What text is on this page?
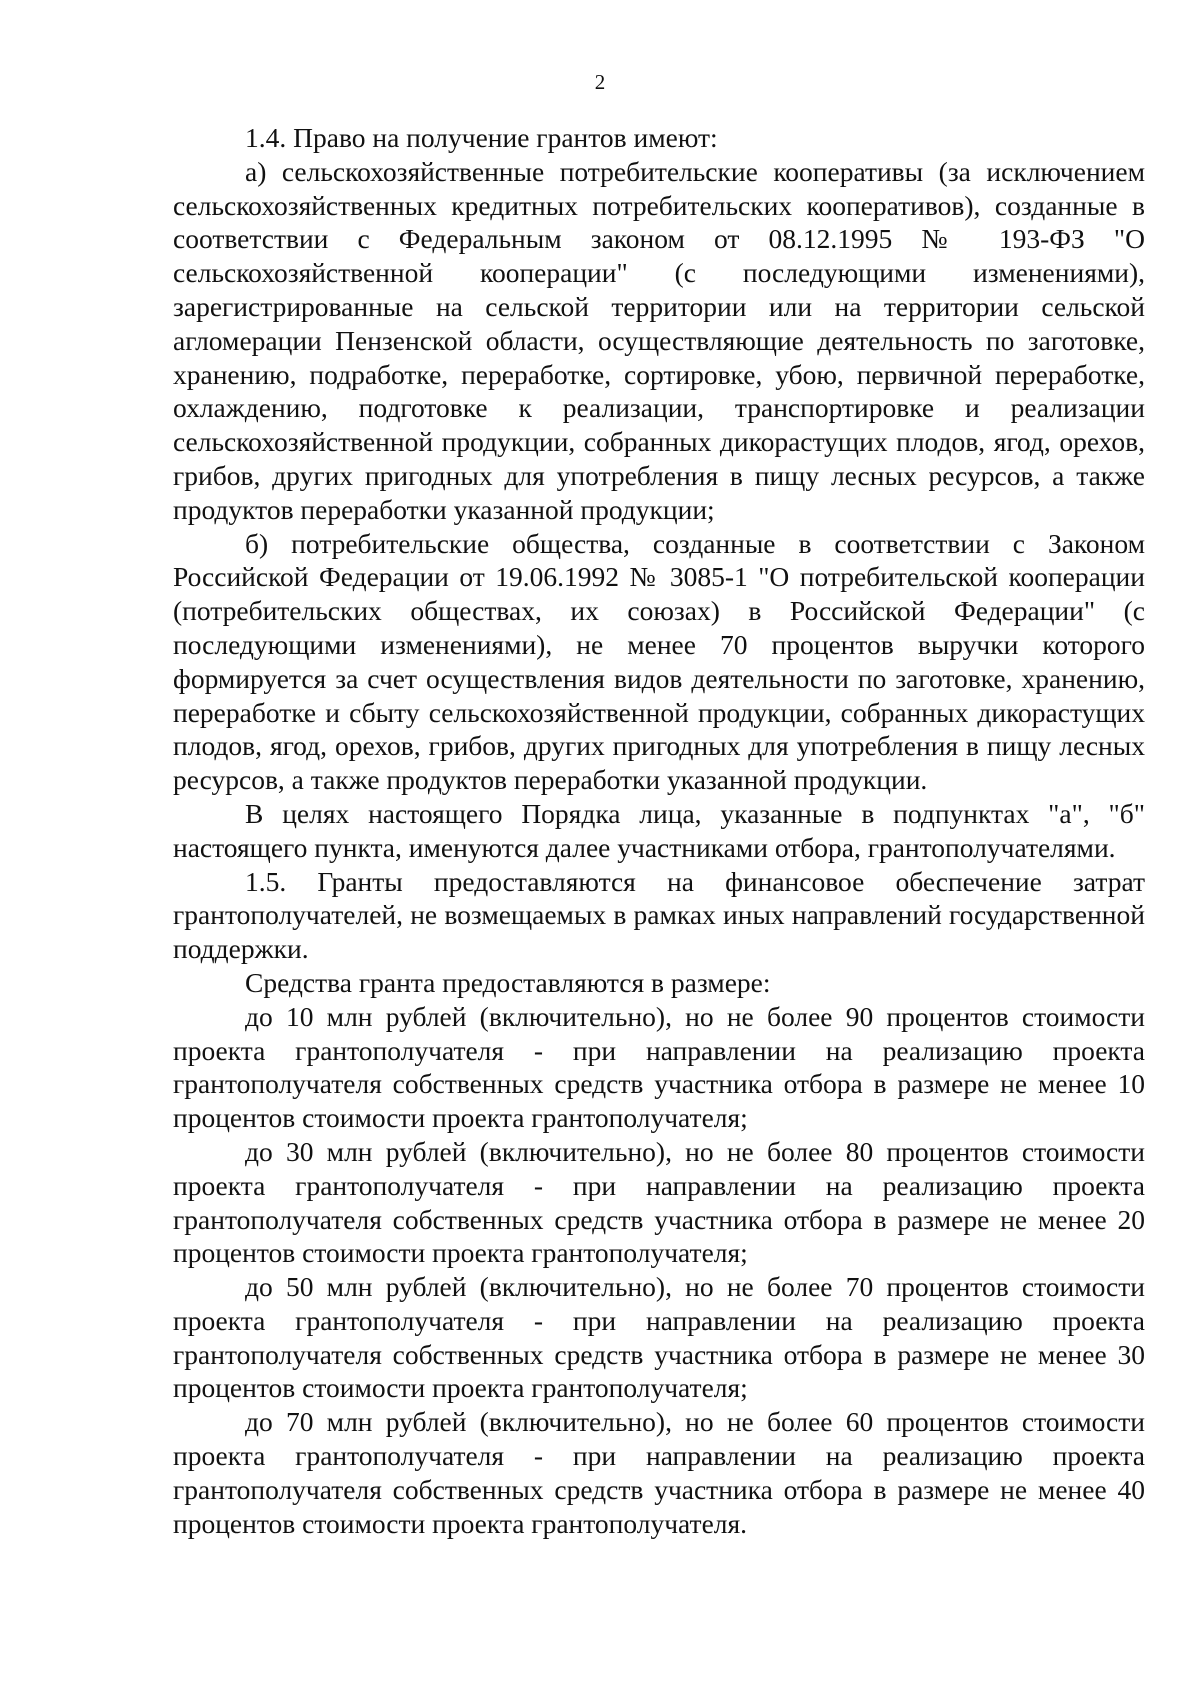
2

1.4. Право на получение грантов имеют:

а) сельскохозяйственные потребительские кооперативы (за исключением сельскохозяйственных кредитных потребительских кооперативов), созданные в соответствии с Федеральным законом от 08.12.1995 № 193-ФЗ "О сельскохозяйственной кооперации" (с последующими изменениями), зарегистрированные на сельской территории или на территории сельской агломерации Пензенской области, осуществляющие деятельность по заготовке, хранению, подработке, переработке, сортировке, убою, первичной переработке, охлаждению, подготовке к реализации, транспортировке и реализации сельскохозяйственной продукции, собранных дикорастущих плодов, ягод, орехов, грибов, других пригодных для употребления в пищу лесных ресурсов, а также продуктов переработки указанной продукции;

б) потребительские общества, созданные в соответствии с Законом Российской Федерации от 19.06.1992 № 3085-1 "О потребительской кооперации (потребительских обществах, их союзах) в Российской Федерации" (с последующими изменениями), не менее 70 процентов выручки которого формируется за счет осуществления видов деятельности по заготовке, хранению, переработке и сбыту сельскохозяйственной продукции, собранных дикорастущих плодов, ягод, орехов, грибов, других пригодных для употребления в пищу лесных ресурсов, а также продуктов переработки указанной продукции.

В целях настоящего Порядка лица, указанные в подпунктах "а", "б" настоящего пункта, именуются далее участниками отбора, грантополучателями.

1.5. Гранты предоставляются на финансовое обеспечение затрат грантополучателей, не возмещаемых в рамках иных направлений государственной поддержки.

Средства гранта предоставляются в размере:

до 10 млн рублей (включительно), но не более 90 процентов стоимости проекта грантополучателя - при направлении на реализацию проекта грантополучателя собственных средств участника отбора в размере не менее 10 процентов стоимости проекта грантополучателя;

до 30 млн рублей (включительно), но не более 80 процентов стоимости проекта грантополучателя - при направлении на реализацию проекта грантополучателя собственных средств участника отбора в размере не менее 20 процентов стоимости проекта грантополучателя;

до 50 млн рублей (включительно), но не более 70 процентов стоимости проекта грантополучателя - при направлении на реализацию проекта грантополучателя собственных средств участника отбора в размере не менее 30 процентов стоимости проекта грантополучателя;

до 70 млн рублей (включительно), но не более 60 процентов стоимости проекта грантополучателя - при направлении на реализацию проекта грантополучателя собственных средств участника отбора в размере не менее 40 процентов стоимости проекта грантополучателя.
